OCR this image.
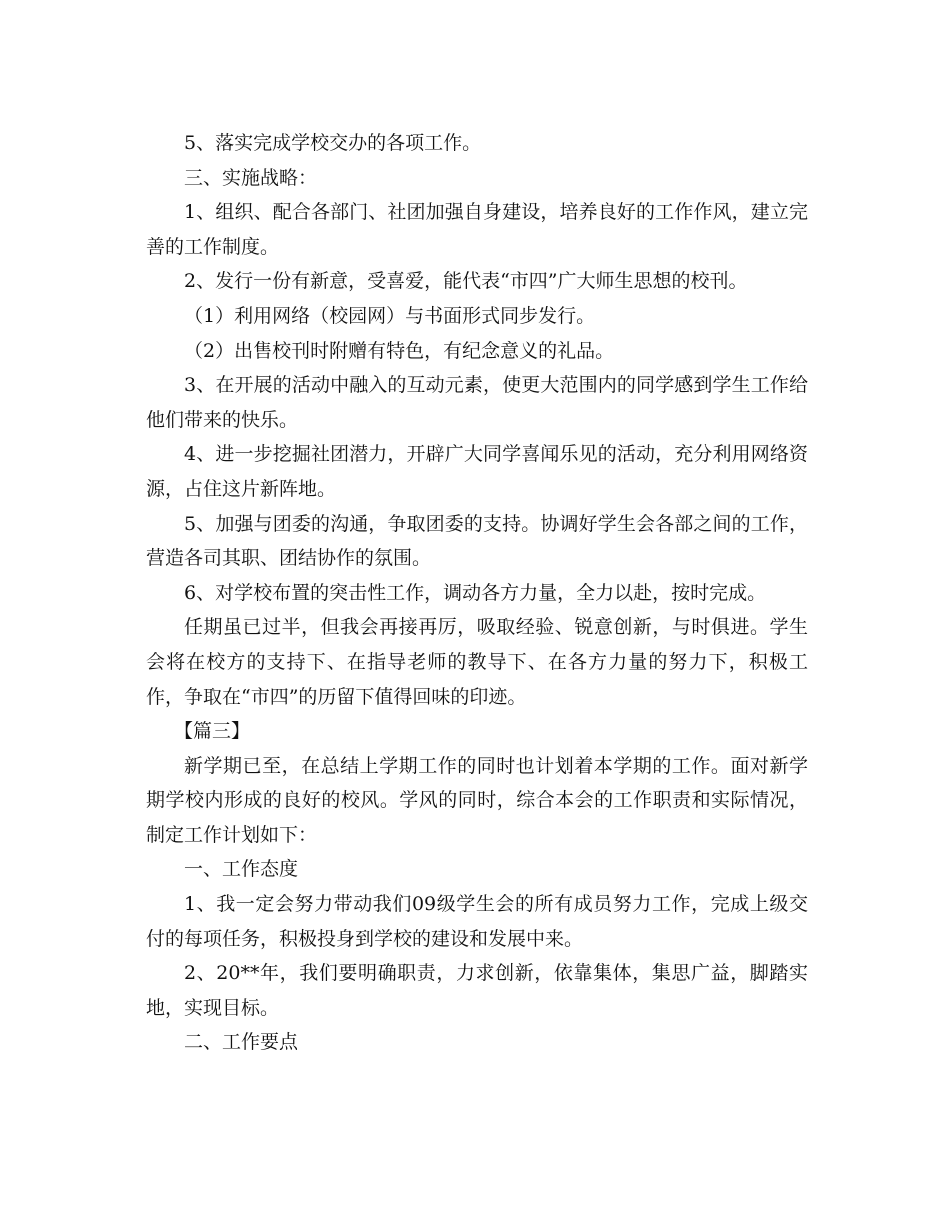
5、落实完成学校交办的各项工作。

三、实施战略：

1、组织、配合各部门、社团加强自身建设，培养良好的工作作风，建立完善的工作制度。

2、发行一份有新意，受喜爱，能代表“市四”广大师生思想的校刊。

（1）利用网络（校园网）与书面形式同步发行。

（2）出售校刊时附赠有特色，有纪念意义的礼品。

3、在开展的活动中融入的互动元素，使更大范围内的同学感到学生工作给他们带来的快乐。

4、进一步挖掘社团潜力，开辟广大同学喜闻乐见的活动，充分利用网络资源，占住这片新阵地。

5、加强与团委的沟通，争取团委的支持。协调好学生会各部之间的工作，营造各司其职、团结协作的氛围。

6、对学校布置的突击性工作，调动各方力量，全力以赴，按时完成。

任期虽已过半，但我会再接再厉，吸取经验、锐意创新，与时俱进。学生会将在校方的支持下、在指导老师的教导下、在各方力量的努力下，积极工作，争取在“市四”的历留下值得回味的印迹。

【篇三】

新学期已至，在总结上学期工作的同时也计划着本学期的工作。面对新学期学校内形成的良好的校风。学风的同时，综合本会的工作职责和实际情况，制定工作计划如下：

一、工作态度

1、我一定会努力带动我们09级学生会的所有成员努力工作，完成上级交付的每项任务，积极投身到学校的建设和发展中来。

2、20**年，我们要明确职责，力求创新，依靠集体，集思广益，脚踏实地，实现目标。

二、工作要点
